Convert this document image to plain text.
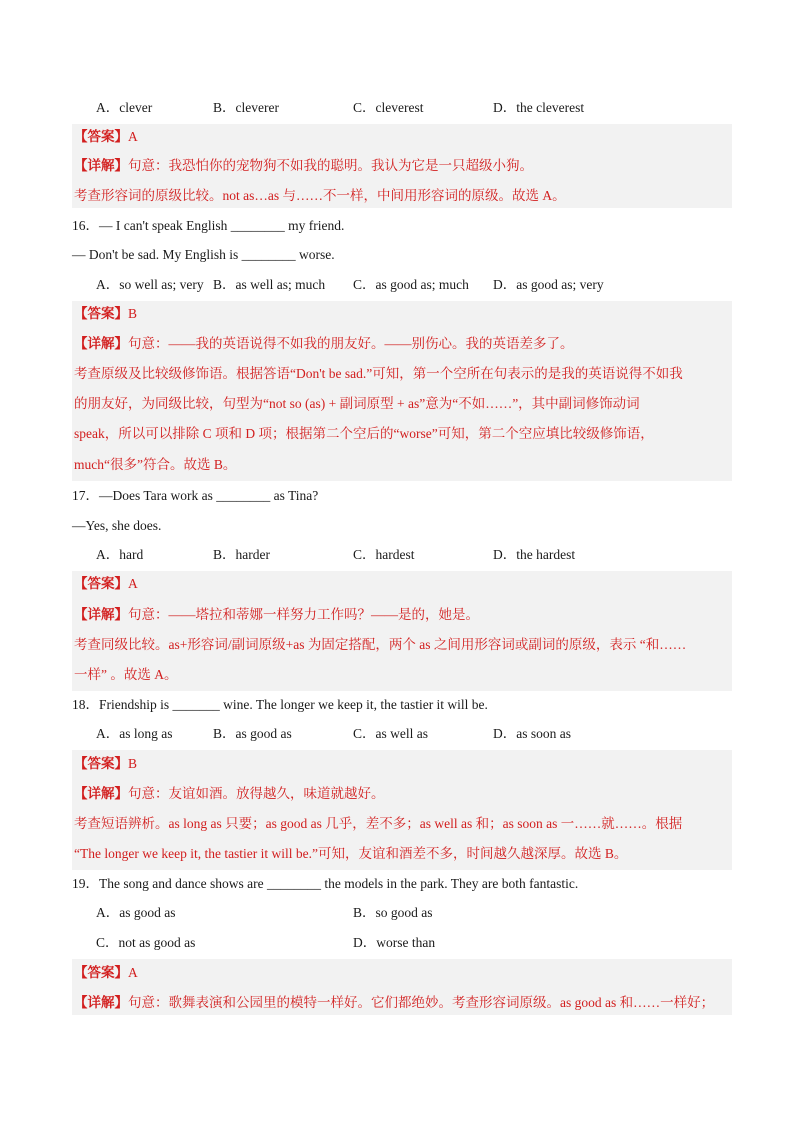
A．clever	B．cleverer	C．cleverest	D．the cleverest
【答案】A
【详解】句意：我恐怕你的宠物狗不如我的聪明。我认为它是一只超级小狗。
考查形容词的原级比较。not as…as 与……不一样，中间用形容词的原级。故选 A。
16．— I can't speak English ________ my friend.
— Don't be sad. My English is ________ worse.
A．so well as; very B．as well as; much C．as good as; much D．as good as; very
【答案】B
【详解】句意：——我的英语说得不如我的朋友好。——别伤心。我的英语差多了。
考查原级及比较级修饰语。根据答语“Don't be sad.”可知，第一个空所在句表示的是我的英语说得不如我
的朋友好，为同级比较，句型为“not so (as) + 副词原型 + as”意为“不如……”，其中副词修饰动词
speak，所以可以排除 C 项和 D 项；根据第二个空后的“worse”可知，第二个空应填比较级修饰语，
much“很多”符合。故选 B。
17．—Does Tara work as ________ as Tina?
—Yes, she does.
A．hard	B．harder	C．hardest	D．the hardest
【答案】A
【详解】句意：——塔拉和蒂娜一样努力工作吗？——是的，她是。
考查同级比较。as+形容词/副词原级+as 为固定搭配，两个 as 之间用形容词或副词的原级，表示 “和……
一样” 。故选 A。
18．Friendship is _______ wine. The longer we keep it, the tastier it will be.
A．as long as	B．as good as	C．as well as	D．as soon as
【答案】B
【详解】句意：友谊如酒。放得越久，味道就越好。
考查短语辨析。as long as 只要；as good as 几乎，差不多；as well as 和；as soon as 一……就……。根据
“The longer we keep it, the tastier it will be.”可知，友谊和酒差不多，时间越久越深厚。故选 B。
19．The song and dance shows are ________ the models in the park. They are both fantastic.
A．as good as	B．so good as
C．not as good as	D．worse than
【答案】A
【详解】句意：歌舞表演和公园里的模特一样好。它们都绝妙。考查形容词原级。as good as 和……一样好；
